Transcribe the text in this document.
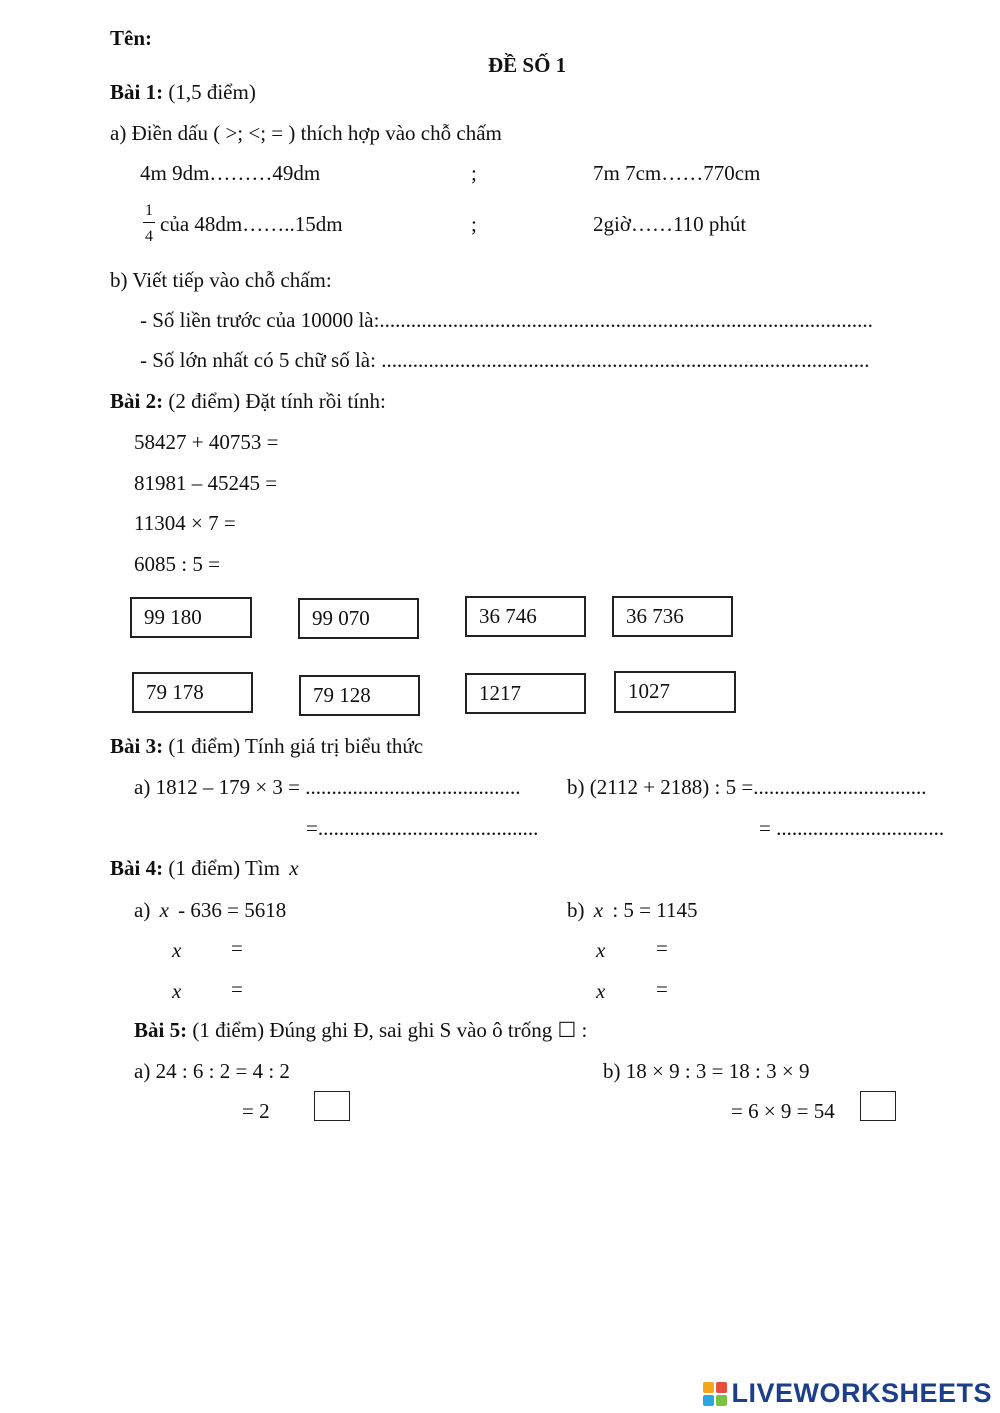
Tên:
ĐỀ SỐ 1
Bài 1: (1,5 điểm)
a) Điền dấu ( >; <; = ) thích hợp vào chỗ chấm
4m 9dm………49dm	;	7m 7cm……770cm
1
4
của 48dm……..15dm	;	2giờ……110 phút
b) Viết tiếp vào chỗ chấm:
- Số liền trước của 10000 là:..............................................................................................
- Số lớn nhất có 5 chữ số là: .............................................................................................
Bài 2: (2 điểm) Đặt tính rồi tính:
58427 + 40753 =
81981 – 45245 =
11304 × 7 =
6085 : 5 =
99 180	99 070	36 746	36 736
79 178	79 128	1217	1027
Bài 3: (1 điểm) Tính giá trị biểu thức
a) 1812 – 179 × 3 = ......................................... b) (2112 + 2188) : 5 =.................................
=..........................................	= ................................
Bài 4: (1 điểm) Tìm x
a) x - 636 = 5618	b) x : 5 = 1145
x =
x =
x =
x =
Bài 5: (1 điểm) Đúng ghi Đ, sai ghi S vào ô trống ☐ :
a) 24 : 6 : 2 = 4 : 2
= 2
b) 18 × 9 : 3 = 18 : 3 × 9
= 6 × 9 = 54
LIVEWORKSHEETS
